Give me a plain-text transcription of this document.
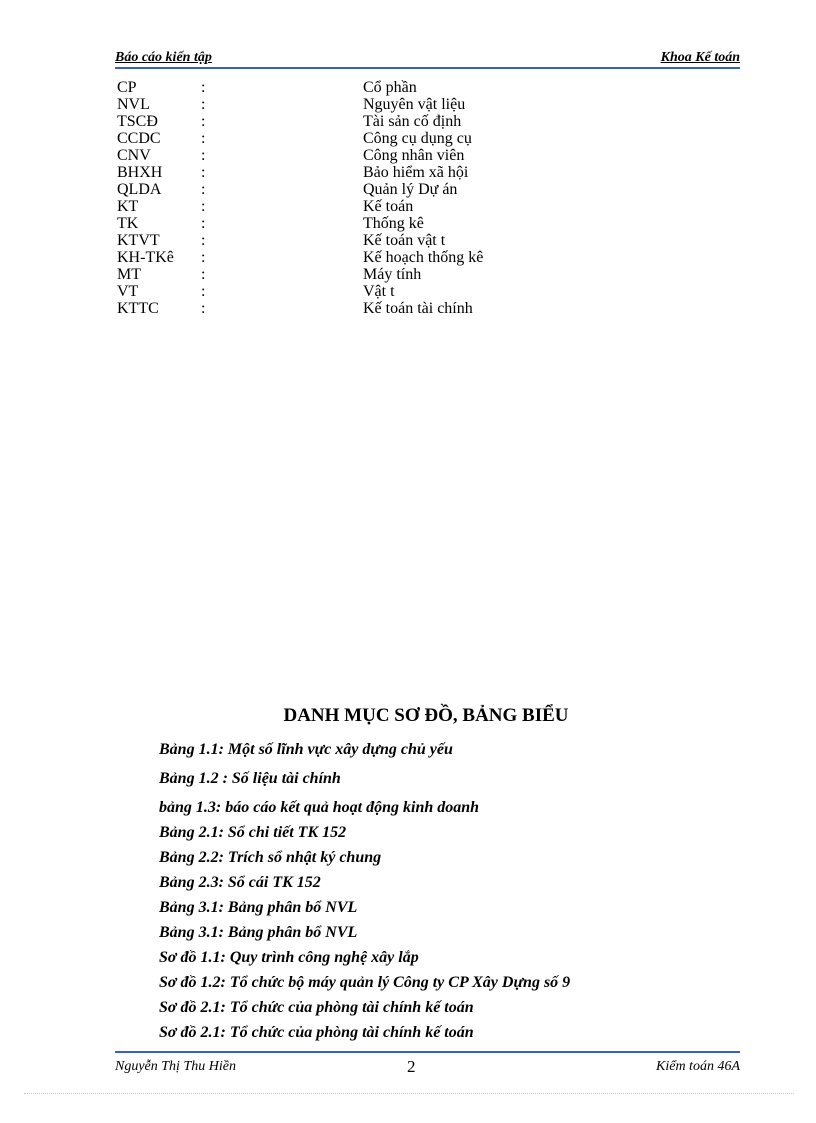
Báo cáo kiến tập	Khoa Kế toán
CP	:	Cổ phần
NVL	:	Nguyên vật liệu
TSCĐ	:	Tài sản cố định
CCDC	:	Công cụ dụng cụ
CNV	:	Công nhân viên
BHXH :	Bảo hiểm xã hội
QLDA :	Quản lý Dự án
KT	:	Kế toán
TK	:	Thống kê
KTVT	:	Kế toán vật t
KH-TKê :	Kế hoạch thống kê
MT	:	Máy tính
VT	:	Vật t
KTTC	:	Kế toán tài chính
DANH MỤC SƠ ĐỒ, BẢNG BIỂU
Bảng 1.1: Một số lĩnh vực xây dựng chủ yếu
Bảng 1.2 : Số liệu tài chính
bảng 1.3: báo cáo kết quả hoạt động kinh doanh
Bảng 2.1: Sổ chi tiết TK 152
Bảng 2.2: Trích sổ nhật ký chung
Bảng 2.3: Sổ cái TK 152
Bảng 3.1: Bảng phân bổ NVL
Bảng 3.1: Bảng phân bổ NVL
Sơ đồ 1.1: Quy trình công nghệ xây lắp
Sơ đồ 1.2: Tổ chức bộ máy quản lý Công ty CP Xây Dựng số 9
Sơ đồ 2.1: Tổ chức của phòng tài chính kế toán
Sơ đồ 2.1: Tổ chức của phòng tài chính kế toán
Nguyễn Thị Thu Hiền	2	Kiểm toán 46A
